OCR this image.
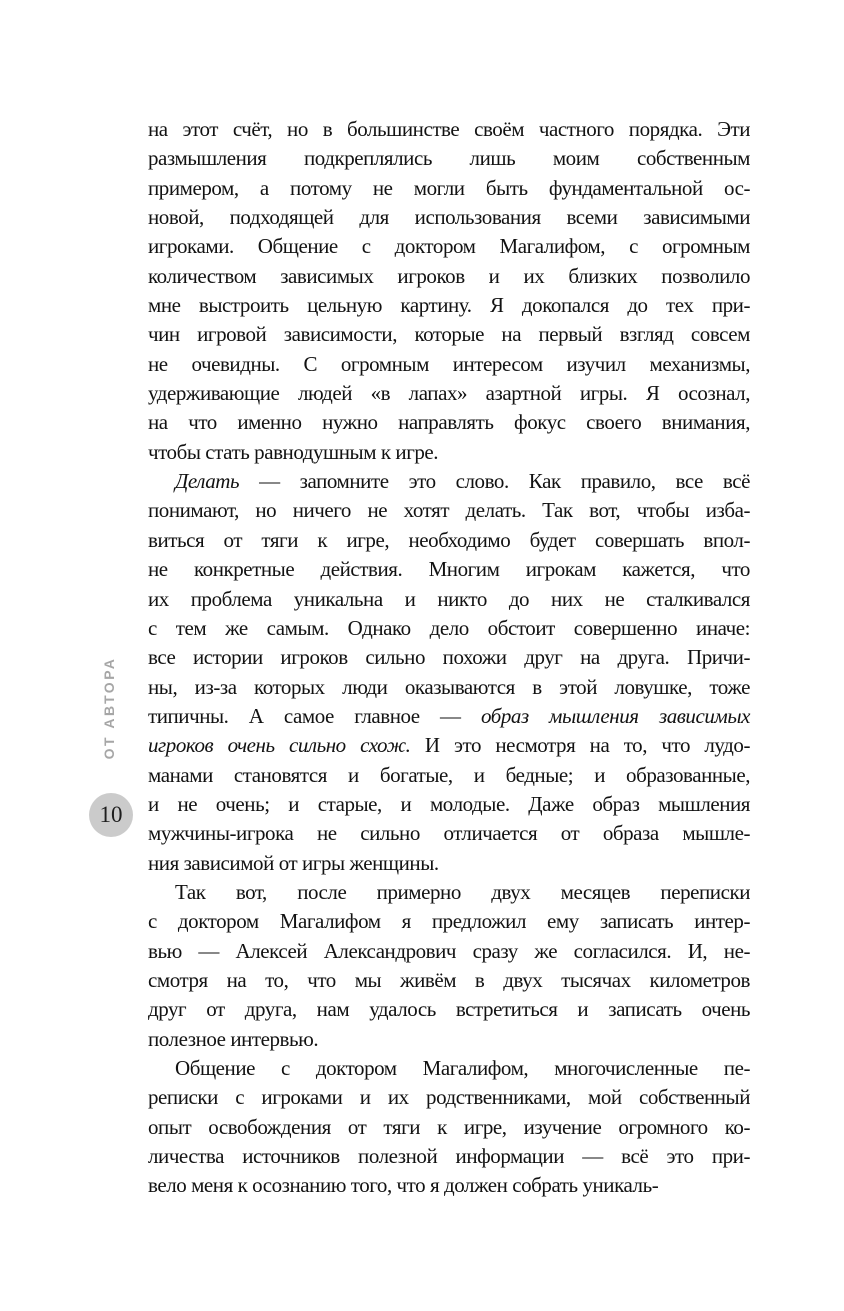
ОТ АВТОРА
10
на этот счёт, но в большинстве своём частного порядка. Эти
размышления подкреплялись лишь моим собственным
примером, а потому не могли быть фундаментальной ос-
новой, подходящей для использования всеми зависимыми
игроками. Общение с доктором Магалифом, с огромным
количеством зависимых игроков и их близких позволило
мне выстроить цельную картину. Я докопался до тех при-
чин игровой зависимости, которые на первый взгляд совсем
не очевидны. С огромным интересом изучил механизмы,
удерживающие людей «в лапах» азартной игры. Я осознал,
на что именно нужно направлять фокус своего внимания,
чтобы стать равнодушным к игре.
Делать — запомните это слово. Как правило, все всё
понимают, но ничего не хотят делать. Так вот, чтобы изба-
виться от тяги к игре, необходимо будет совершать впол-
не конкретные действия. Многим игрокам кажется, что
их проблема уникальна и никто до них не сталкивался
с тем же самым. Однако дело обстоит совершенно иначе:
все истории игроков сильно похожи друг на друга. Причи-
ны, из-за которых люди оказываются в этой ловушке, тоже
типичны. А самое главное — образ мышления зависимых
игроков очень сильно схож. И это несмотря на то, что лудо-
манами становятся и богатые, и бедные; и образованные,
и не очень; и старые, и молодые. Даже образ мышления
мужчины-игрока не сильно отличается от образа мышле-
ния зависимой от игры женщины.
Так вот, после примерно двух месяцев переписки
с доктором Магалифом я предложил ему записать интер-
вью — Алексей Александрович сразу же согласился. И, не-
смотря на то, что мы живём в двух тысячах километров
друг от друга, нам удалось встретиться и записать очень
полезное интервью.
Общение с доктором Магалифом, многочисленные пе-
реписки с игроками и их родственниками, мой собственный
опыт освобождения от тяги к игре, изучение огромного ко-
личества источников полезной информации — всё это при-
вело меня к осознанию того, что я должен собрать уникаль-
